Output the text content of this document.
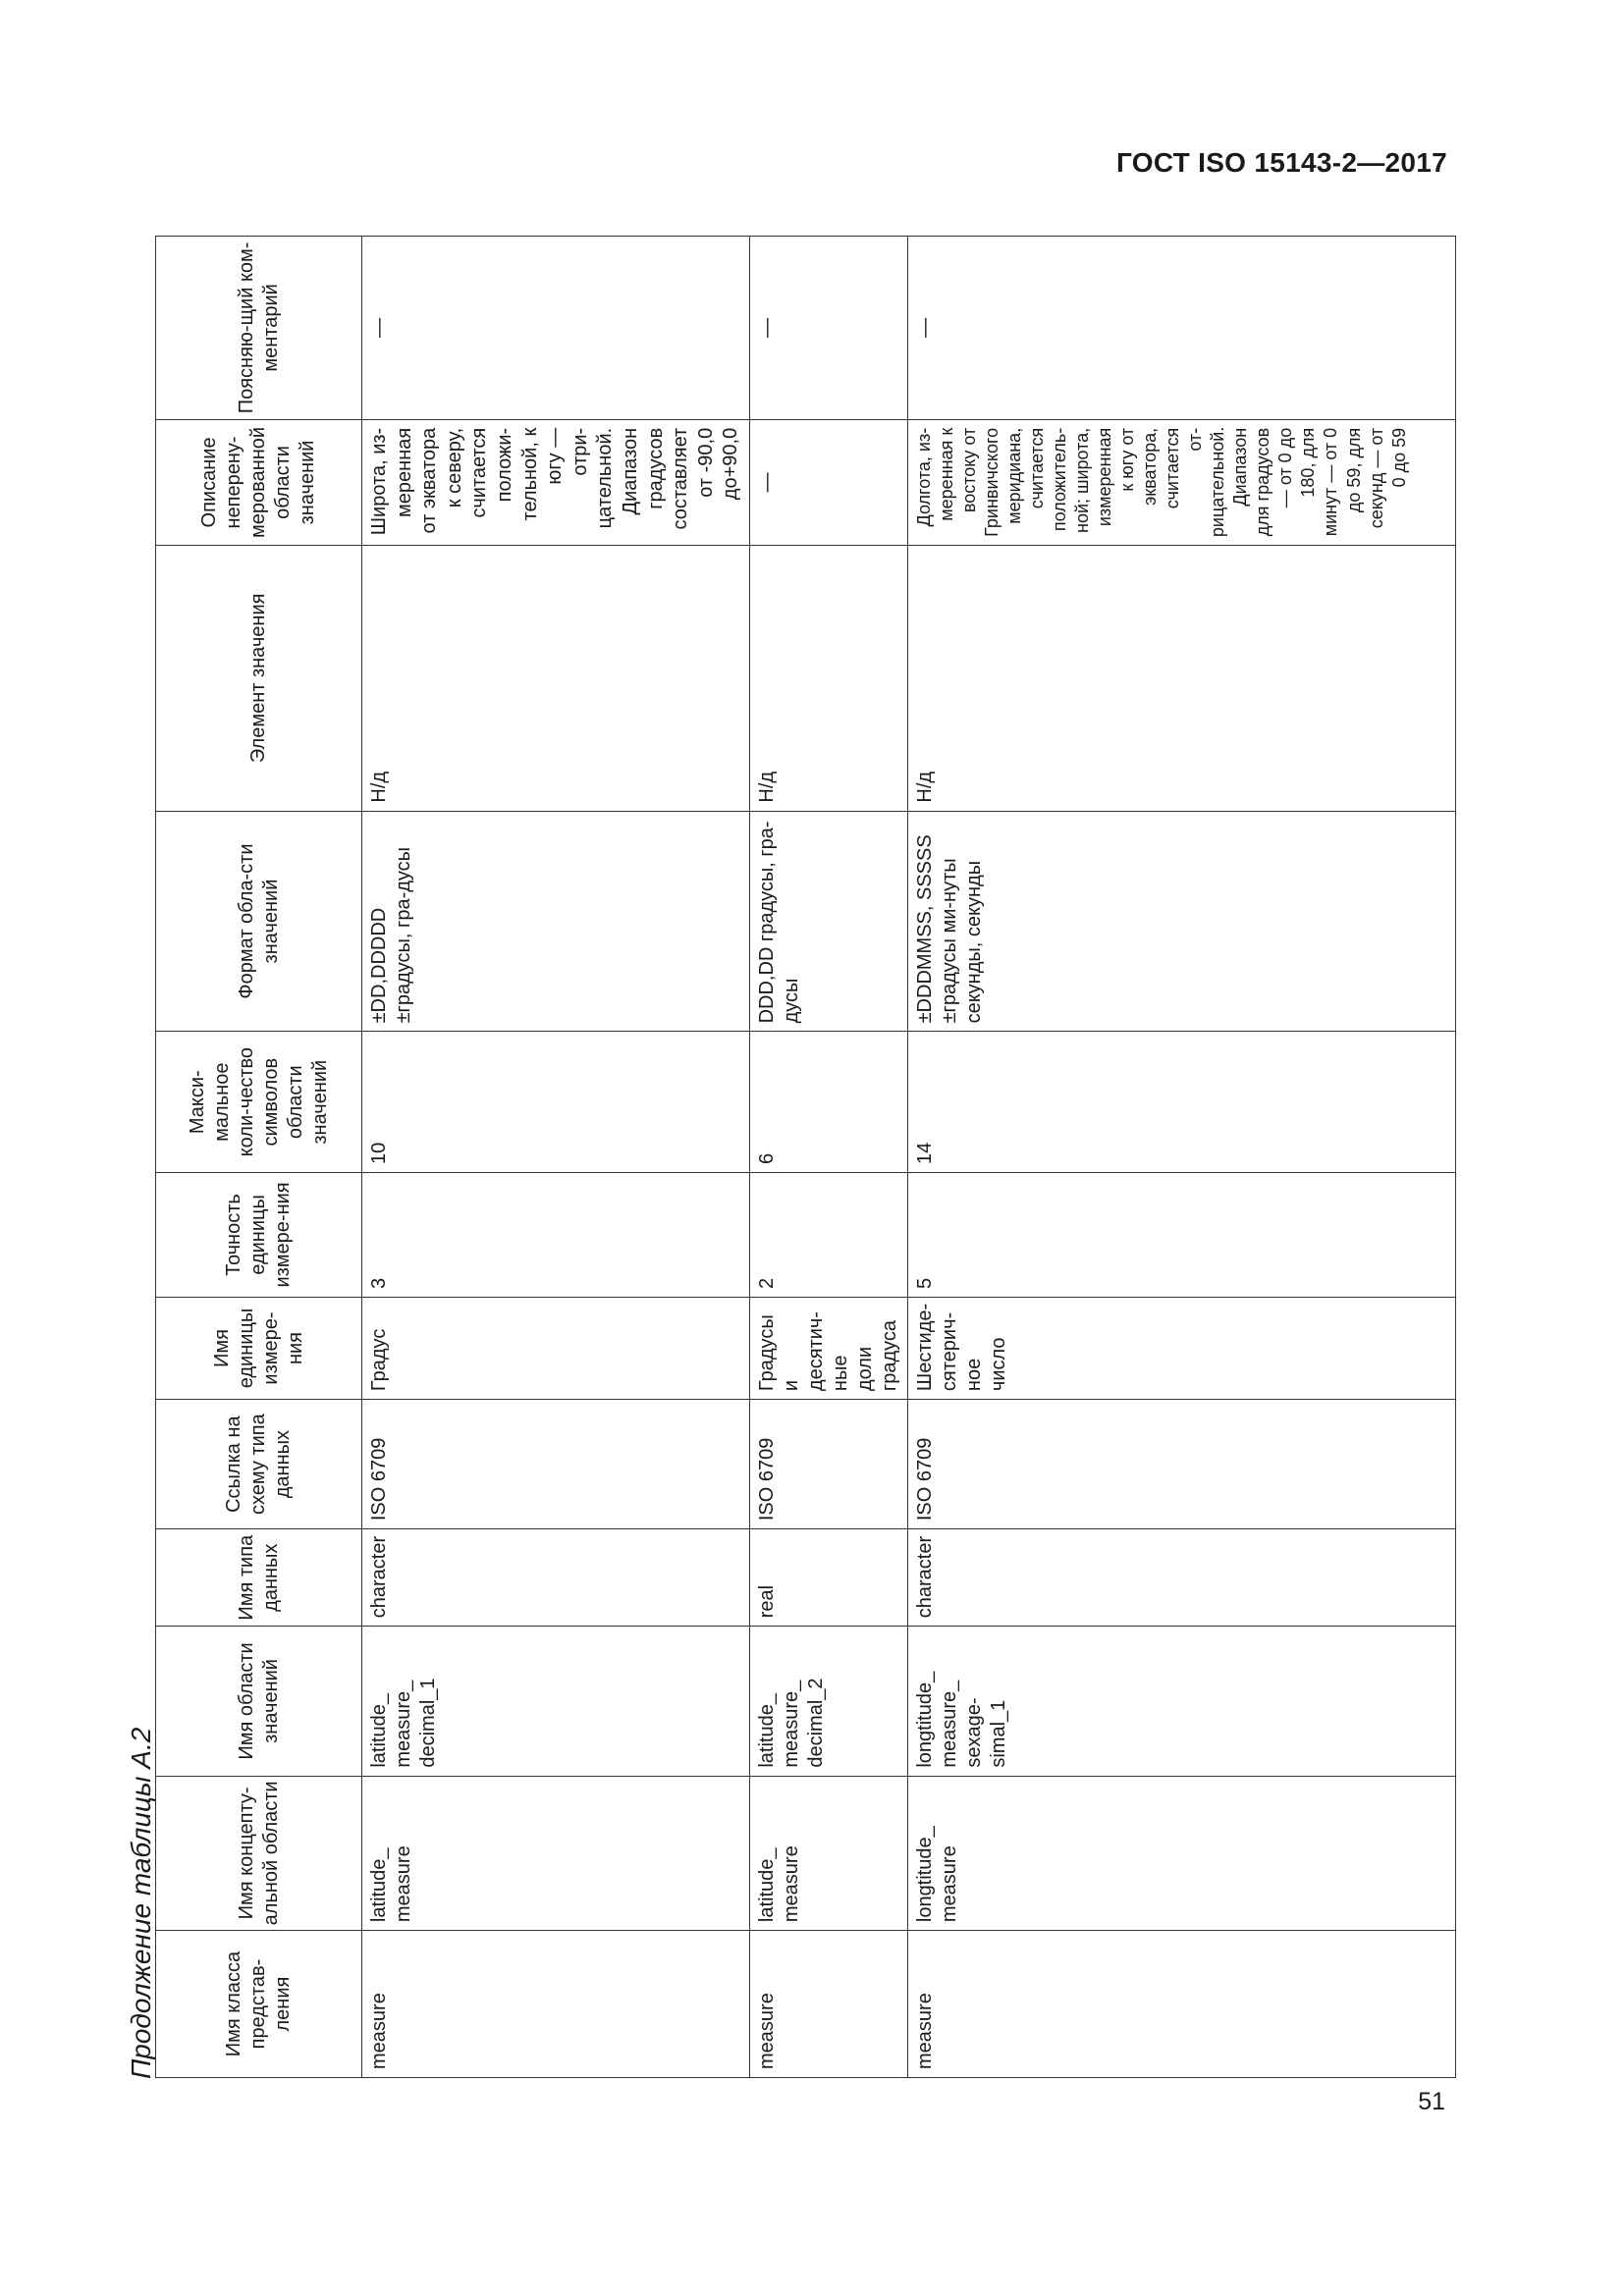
ГОСТ ISO 15143-2—2017
Продолжение таблицы А.2	Имя класса представ-ления	Имя концепту-альной области	Имя области значений	Имя типа данных	Ссылка на схему типа данных	Имя единицы измере-ния	Точность единицы измере-ния	Макси-мальное коли-чество символов области значений	Формат обла-сти значений	Элемент значения	Описание неперену-мерованной области значений	Поясняю-щий ком-ментарий
measure	latitude_ measure	latitude_ measure_ decimal_1	character	ISO 6709	Градус	3	10	±DD,DDDDD ±градусы, гра-дусы	Н/д	Широта, из-меренная от экватора к северу, считается положи-тельной, к югу — отри-цательной. Диапазон градусов составляет от -90,0 до+90,0	—
measure	latitude_ measure	latitude_ measure_ decimal_2	real	ISO 6709	Градусы и десятич-ные доли градуса	2	6	DDD,DD градусы, гра-дусы	Н/д	—	—
measure	longtitude_ measure	longtitude_ measure_ sexage-simal_1	character	ISO 6709	Шестиде-сятерич-ное число	5	14	±DDDMMSS, SSSSS ±градусы ми-нуты секунды, секунды	Н/д	Долгота, из-меренная к востоку от Гринвичского меридиана, считается положитель-ной; широта, измеренная к югу от экватора, считается от-рицательной. Диапазон для градусов — от 0 до 180, для минут — от 0 до 59, для секунд — от 0 до 59	—
51
